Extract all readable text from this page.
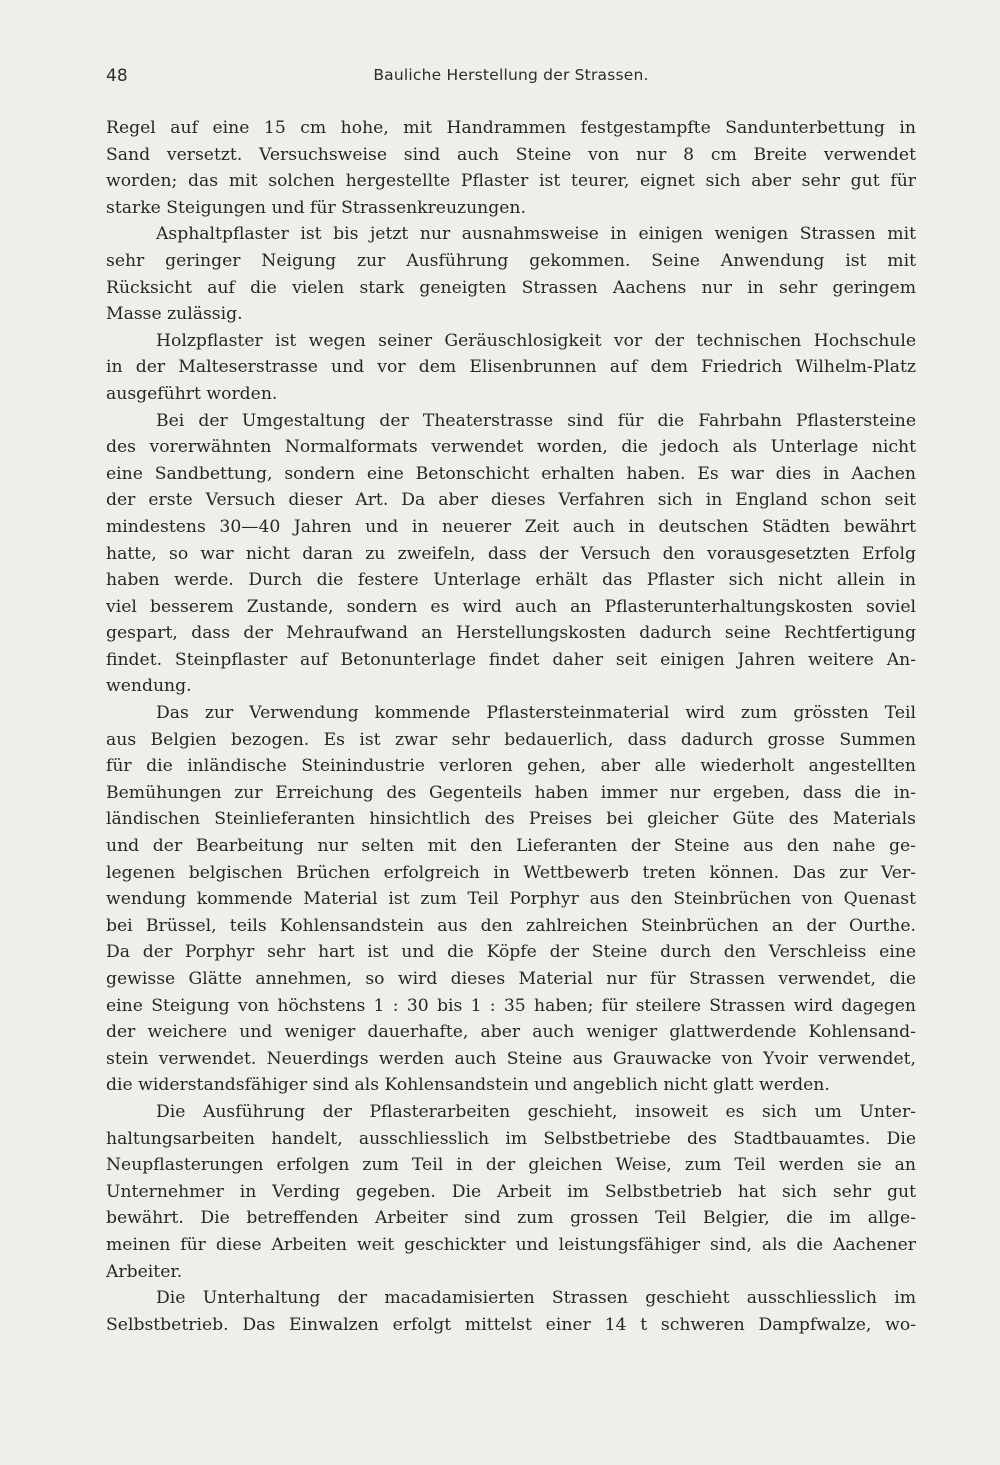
48	Bauliche Herstellung der Strassen.
Regel auf eine 15 cm hohe, mit Handrammen festgestampfte Sandunterbettung in
Sand versetzt. Versuchsweise sind auch Steine von nur 8 cm Breite verwendet
worden; das mit solchen hergestellte Pflaster ist teurer, eignet sich aber sehr gut für
starke Steigungen und für Strassenkreuzungen.
Asphaltpflaster ist bis jetzt nur ausnahmsweise in einigen wenigen Strassen mit
sehr geringer Neigung zur Ausführung gekommen. Seine Anwendung ist mit
Rücksicht auf die vielen stark geneigten Strassen Aachens nur in sehr geringem
Masse zulässig.
Holzpflaster ist wegen seiner Geräuschlosigkeit vor der technischen Hochschule
in der Malteserstrasse und vor dem Elisenbrunnen auf dem Friedrich Wilhelm-Platz
ausgeführt worden.
Bei der Umgestaltung der Theaterstrasse sind für die Fahrbahn Pflastersteine
des vorerwähnten Normalformats verwendet worden, die jedoch als Unterlage nicht
eine Sandbettung, sondern eine Betonschicht erhalten haben. Es war dies in Aachen
der erste Versuch dieser Art. Da aber dieses Verfahren sich in England schon seit
mindestens 30—40 Jahren und in neuerer Zeit auch in deutschen Städten bewährt
hatte, so war nicht daran zu zweifeln, dass der Versuch den vorausgesetzten Erfolg
haben werde. Durch die festere Unterlage erhält das Pflaster sich nicht allein in
viel besserem Zustande, sondern es wird auch an Pflasterunterhaltungskosten soviel
gespart, dass der Mehraufwand an Herstellungskosten dadurch seine Rechtfertigung
findet. Steinpflaster auf Betonunterlage findet daher seit einigen Jahren weitere An-
wendung.
Das zur Verwendung kommende Pflastersteinmaterial wird zum grössten Teil
aus Belgien bezogen. Es ist zwar sehr bedauerlich, dass dadurch grosse Summen
für die inländische Steinindustrie verloren gehen, aber alle wiederholt angestellten
Bemühungen zur Erreichung des Gegenteils haben immer nur ergeben, dass die in-
ländischen Steinlieferanten hinsichtlich des Preises bei gleicher Güte des Materials
und der Bearbeitung nur selten mit den Lieferanten der Steine aus den nahe ge-
legenen belgischen Brüchen erfolgreich in Wettbewerb treten können. Das zur Ver-
wendung kommende Material ist zum Teil Porphyr aus den Steinbrüchen von Quenast
bei Brüssel, teils Kohlensandstein aus den zahlreichen Steinbrüchen an der Ourthe.
Da der Porphyr sehr hart ist und die Köpfe der Steine durch den Verschleiss eine
gewisse Glätte annehmen, so wird dieses Material nur für Strassen verwendet, die
eine Steigung von höchstens 1 : 30 bis 1 : 35 haben; für steilere Strassen wird dagegen
der weichere und weniger dauerhafte, aber auch weniger glattwerdende Kohlensand-
stein verwendet. Neuerdings werden auch Steine aus Grauwacke von Yvoir verwendet,
die widerstandsfähiger sind als Kohlensandstein und angeblich nicht glatt werden.
Die Ausführung der Pflasterarbeiten geschieht, insoweit es sich um Unter-
haltungsarbeiten handelt, ausschliesslich im Selbstbetriebe des Stadtbauamtes. Die
Neupflasterungen erfolgen zum Teil in der gleichen Weise, zum Teil werden sie an
Unternehmer in Verding gegeben. Die Arbeit im Selbstbetrieb hat sich sehr gut
bewährt. Die betreffenden Arbeiter sind zum grossen Teil Belgier, die im allge-
meinen für diese Arbeiten weit geschickter und leistungsfähiger sind, als die Aachener
Arbeiter.
Die Unterhaltung der macadamisierten Strassen geschieht ausschliesslich im
Selbstbetrieb. Das Einwalzen erfolgt mittelst einer 14 t schweren Dampfwalze, wo-
